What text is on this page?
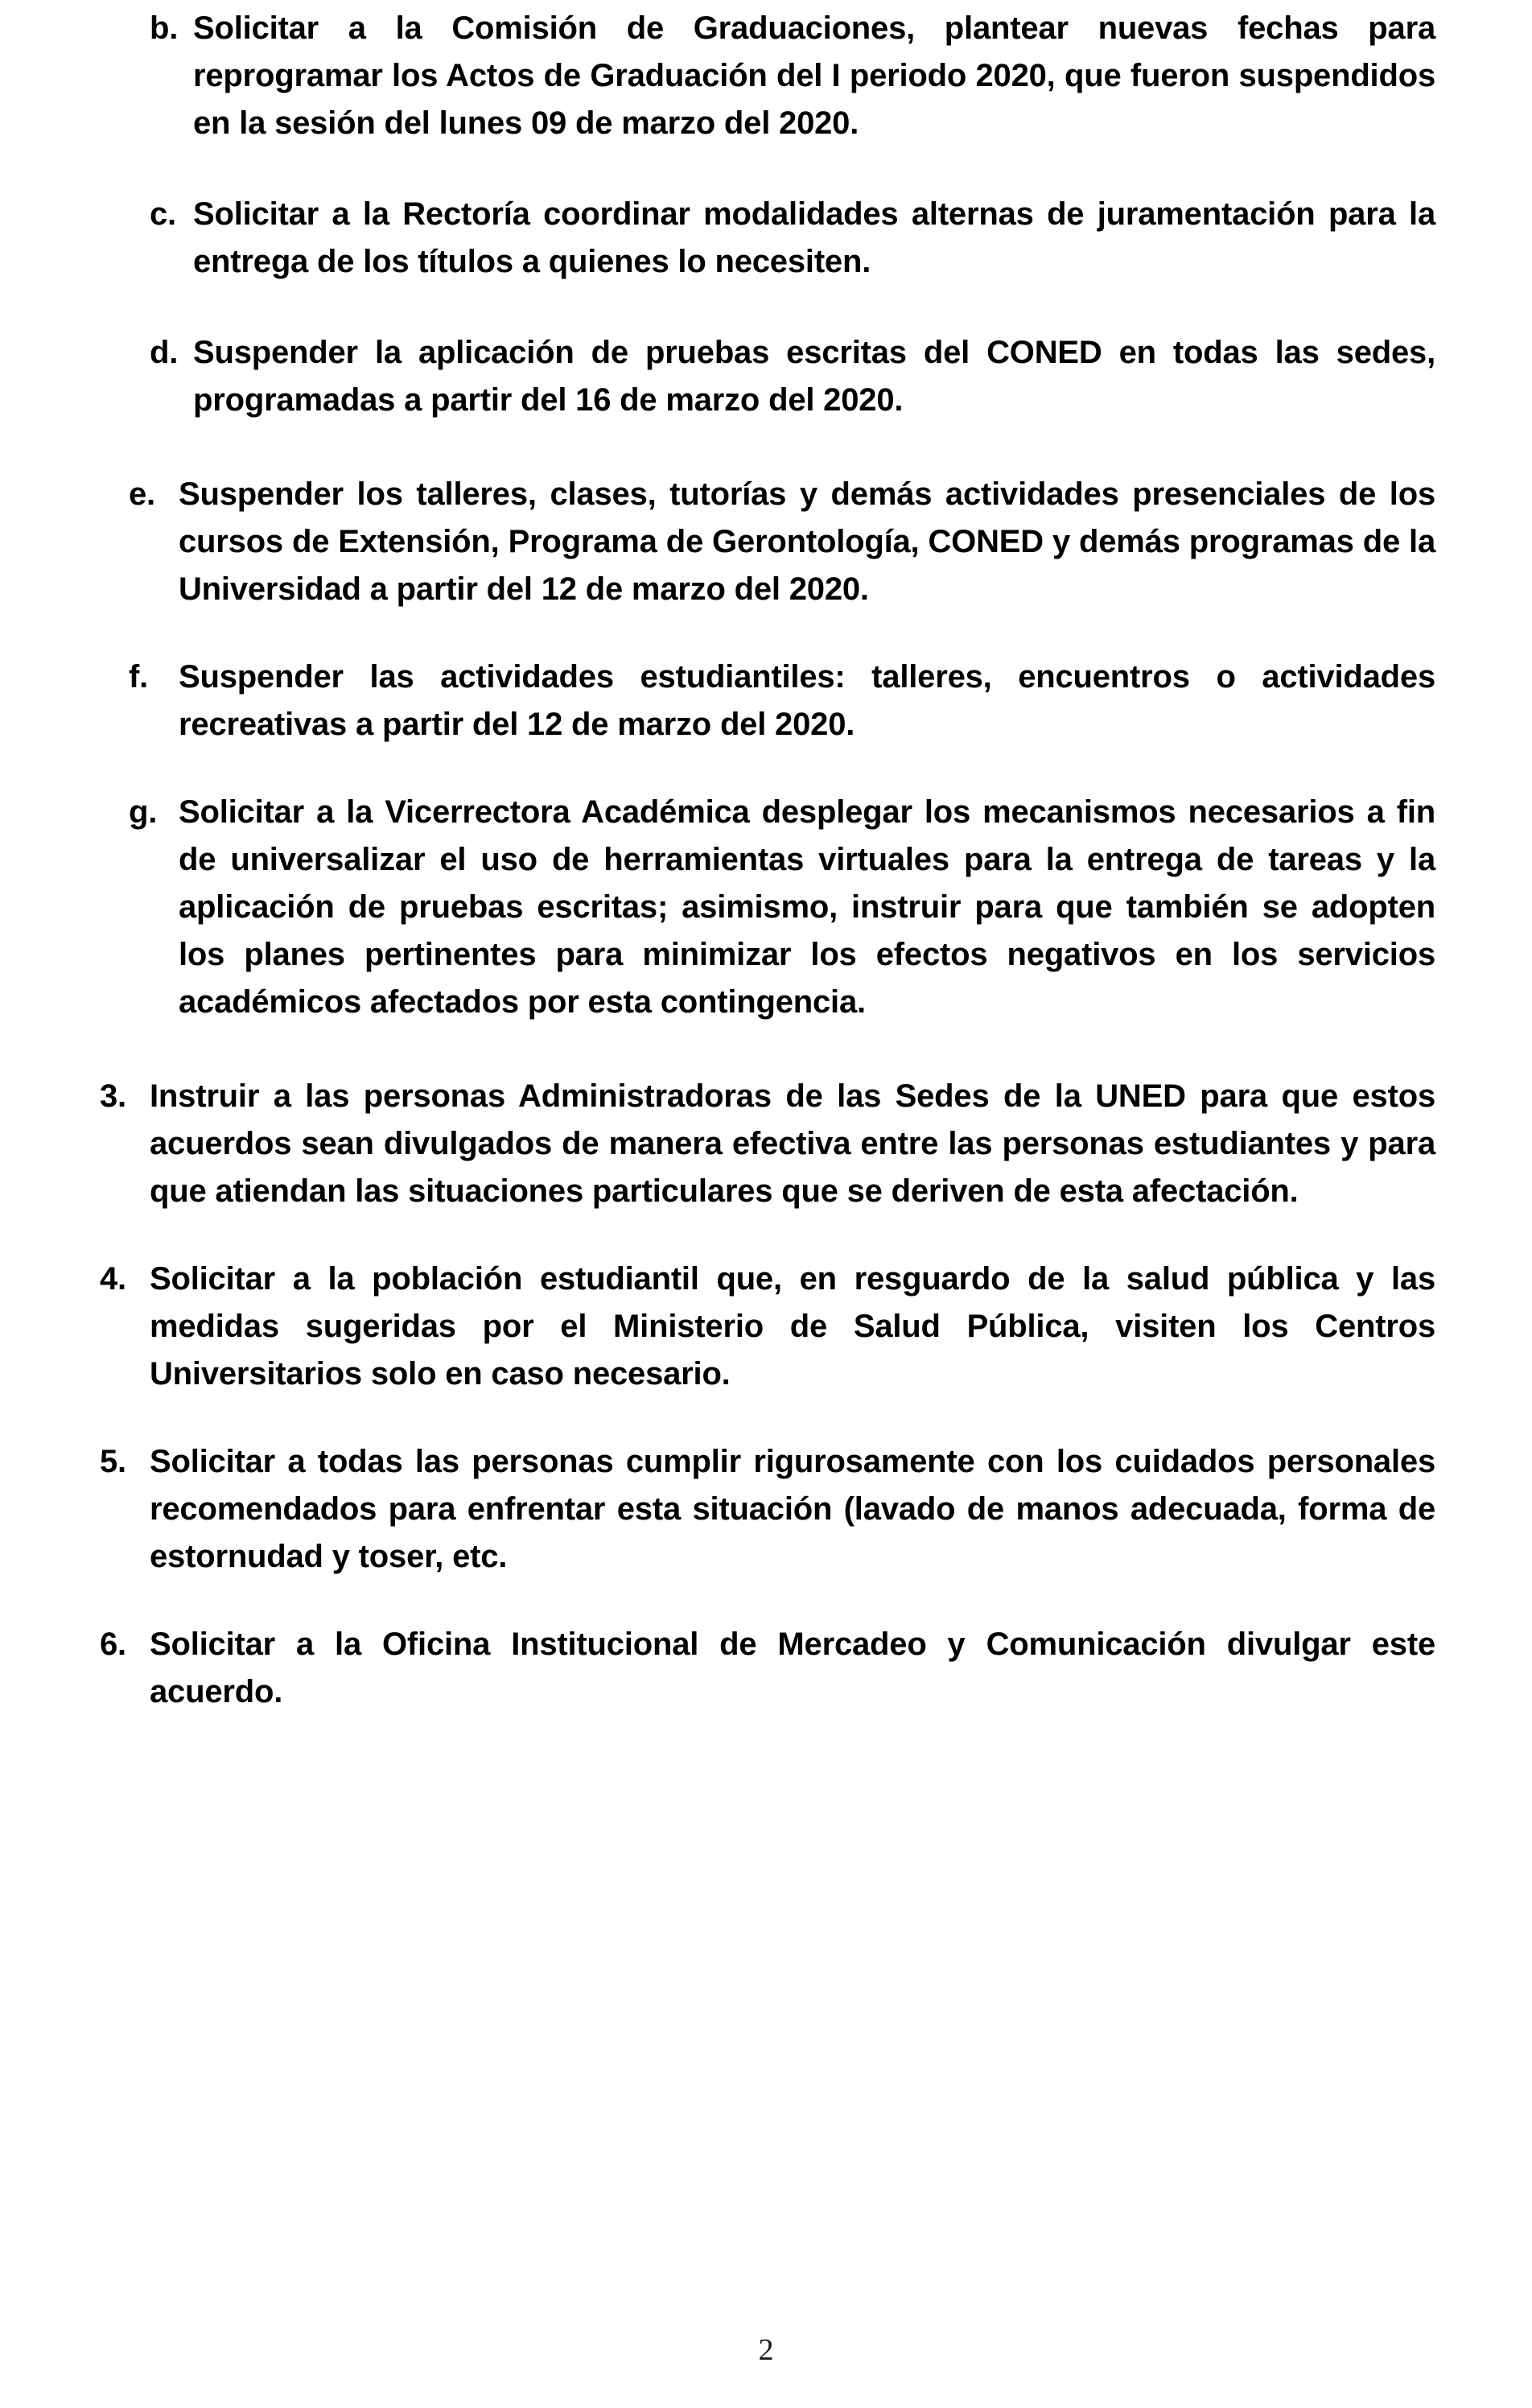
b. Solicitar a la Comisión de Graduaciones, plantear nuevas fechas para reprogramar los Actos de Graduación del I periodo 2020, que fueron suspendidos en la sesión del lunes 09 de marzo del 2020.
c. Solicitar a la Rectoría coordinar modalidades alternas de juramentación para la entrega de los títulos a quienes lo necesiten.
d. Suspender la aplicación de pruebas escritas del CONED en todas las sedes, programadas a partir del 16 de marzo del 2020.
e. Suspender los talleres, clases, tutorías y demás actividades presenciales de los cursos de Extensión, Programa de Gerontología, CONED y demás programas de la Universidad a partir del 12 de marzo del 2020.
f. Suspender las actividades estudiantiles: talleres, encuentros o actividades recreativas a partir del 12 de marzo del 2020.
g. Solicitar a la Vicerrectora Académica desplegar los mecanismos necesarios a fin de universalizar el uso de herramientas virtuales para la entrega de tareas y la aplicación de pruebas escritas; asimismo, instruir para que también se adopten los planes pertinentes para minimizar los efectos negativos en los servicios académicos afectados por esta contingencia.
3. Instruir a las personas Administradoras de las Sedes de la UNED para que estos acuerdos sean divulgados de manera efectiva entre las personas estudiantes y para que atiendan las situaciones particulares que se deriven de esta afectación.
4. Solicitar a la población estudiantil que, en resguardo de la salud pública y las medidas sugeridas por el Ministerio de Salud Pública, visiten los Centros Universitarios solo en caso necesario.
5. Solicitar a todas las personas cumplir rigurosamente con los cuidados personales recomendados para enfrentar esta situación (lavado de manos adecuada, forma de estornudad y toser, etc.
6. Solicitar a la Oficina Institucional de Mercadeo y Comunicación divulgar este acuerdo.
2
